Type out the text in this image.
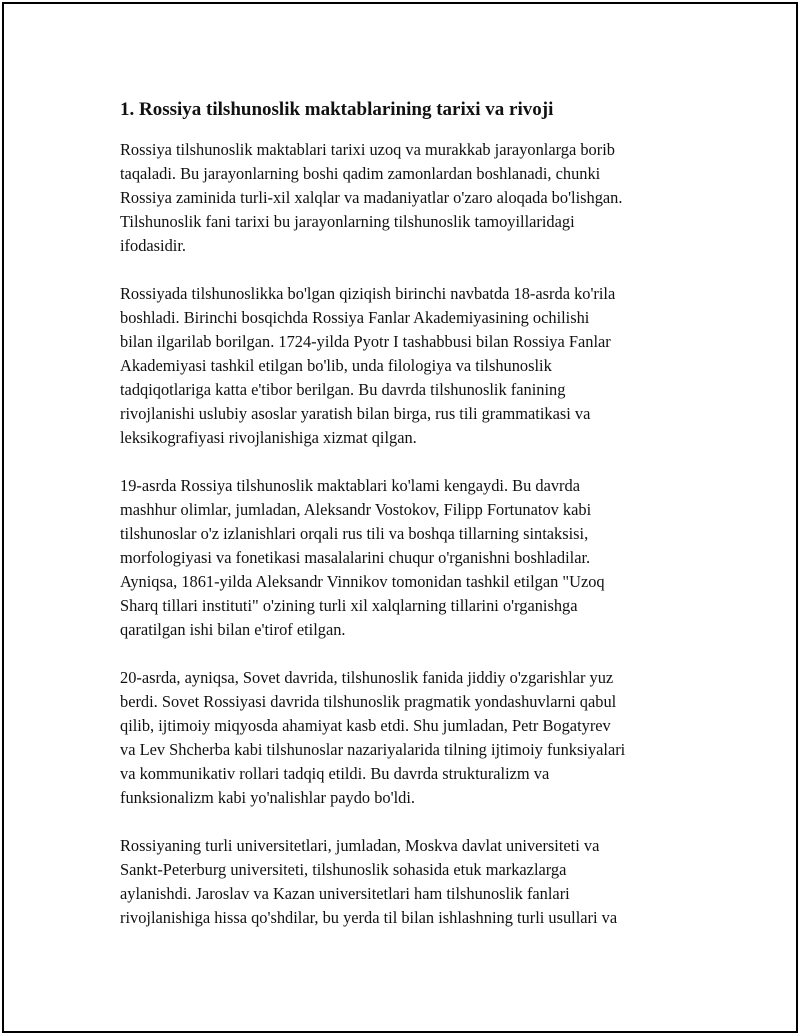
1. Rossiya tilshunoslik maktablarining tarixi va rivoji

Rossiya tilshunoslik maktablari tarixi uzoq va murakkab jarayonlarga borib
taqaladi. Bu jarayonlarning boshi qadim zamonlardan boshlanadi, chunki
Rossiya zaminida turli-xil xalqlar va madaniyatlar o'zaro aloqada bo'lishgan.
Tilshunoslik fani tarixi bu jarayonlarning tilshunoslik tamoyillaridagi
ifodasidir.

Rossiyada tilshunoslikka bo'lgan qiziqish birinchi navbatda 18-asrda ko'rila
boshladi. Birinchi bosqichda Rossiya Fanlar Akademiyasining ochilishi
bilan ilgarilab borilgan. 1724-yilda Pyotr I tashabbusi bilan Rossiya Fanlar
Akademiyasi tashkil etilgan bo'lib, unda filologiya va tilshunoslik
tadqiqotlariga katta e'tibor berilgan. Bu davrda tilshunoslik fanining
rivojlanishi uslubiy asoslar yaratish bilan birga, rus tili grammatikasi va
leksikografiyasi rivojlanishiga xizmat qilgan.

19-asrda Rossiya tilshunoslik maktablari ko'lami kengaydi. Bu davrda
mashhur olimlar, jumladan, Aleksandr Vostokov, Filipp Fortunatov kabi
tilshunoslar o'z izlanishlari orqali rus tili va boshqa tillarning sintaksisi,
morfologiyasi va fonetikasi masalalarini chuqur o'rganishni boshladilar.
Ayniqsa, 1861-yilda Aleksandr Vinnikov tomonidan tashkil etilgan "Uzoq
Sharq tillari instituti" o'zining turli xil xalqlarning tillarini o'rganishga
qaratilgan ishi bilan e'tirof etilgan.

20-asrda, ayniqsa, Sovet davrida, tilshunoslik fanida jiddiy o'zgarishlar yuz
berdi. Sovet Rossiyasi davrida tilshunoslik pragmatik yondashuvlarni qabul
qilib, ijtimoiy miqyosda ahamiyat kasb etdi. Shu jumladan, Petr Bogatyrev
va Lev Shcherba kabi tilshunoslar nazariyalarida tilning ijtimoiy funksiyalari
va kommunikativ rollari tadqiq etildi. Bu davrda strukturalizm va
funksionalizm kabi yo'nalishlar paydo bo'ldi.

Rossiyaning turli universitetlari, jumladan, Moskva davlat universiteti va
Sankt-Peterburg universiteti, tilshunoslik sohasida etuk markazlarga
aylanishdi. Jaroslav va Kazan universitetlari ham tilshunoslik fanlari
rivojlanishiga hissa qo'shdilar, bu yerda til bilan ishlashning turli usullari va
